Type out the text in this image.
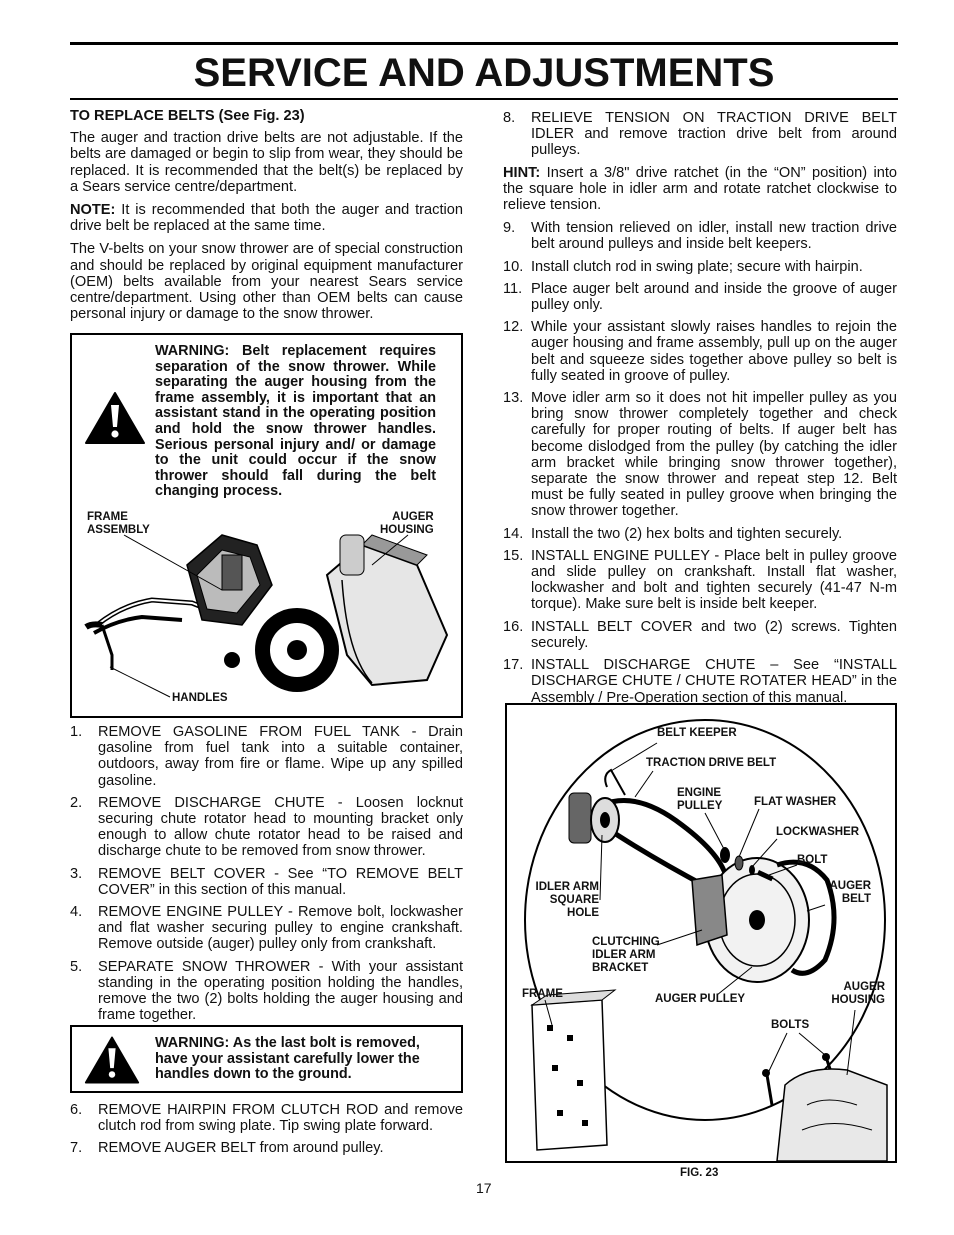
SERVICE AND ADJUSTMENTS

TO REPLACE BELTS (See Fig. 23)

The auger and traction drive belts are not adjustable. If the belts are damaged or begin to slip from wear, they should be replaced. It is recommended that the belt(s) be replaced by a Sears service centre/department.

NOTE: It is recommended that both the auger and traction drive belt be replaced at the same time.

The V-belts on your snow thrower are of special construction and should be replaced by original equipment manufacturer (OEM) belts available from your nearest Sears service centre/department. Using other than OEM belts can cause personal injury or damage to the snow thrower.

WARNING: Belt replacement requires separation of the snow thrower. While separating the auger housing from the frame assembly, it is important that an assistant stand in the operating position and hold the snow thrower handles. Serious personal injury and/ or damage to the unit could occur if the snow thrower should fall during the belt changing process.
FRAME
ASSEMBLY
AUGER
HOUSING
HANDLES
1. REMOVE GASOLINE FROM FUEL TANK - Drain gasoline from fuel tank into a suitable container, outdoors, away from fire or flame. Wipe up any spilled gasoline.
2. REMOVE DISCHARGE CHUTE - Loosen locknut securing chute rotator head to mounting bracket only enough to allow chute rotator head to be raised and discharge chute to be removed from snow thrower.
3. REMOVE BELT COVER - See “TO REMOVE BELT COVER” in this section of this manual.
4. REMOVE ENGINE PULLEY - Remove bolt, lockwasher and flat washer securing pulley to engine crankshaft. Remove outside (auger) pulley only from crankshaft.
5. SEPARATE SNOW THROWER - With your assistant standing in the operating position holding the handles, remove the two (2) bolts holding the auger housing and frame together.
WARNING: As the last bolt is removed, have your assistant carefully lower the handles down to the ground.
6. REMOVE HAIRPIN FROM CLUTCH ROD and remove clutch rod from swing plate. Tip swing plate forward.
7. REMOVE AUGER BELT from around pulley.
8. RELIEVE TENSION ON TRACTION DRIVE BELT IDLER and remove traction drive belt from around pulleys.

HINT: Insert a 3/8" drive ratchet (in the “ON” position) into the square hole in idler arm and rotate ratchet clockwise to relieve tension.

9. With tension relieved on idler, install new traction drive belt around pulleys and inside belt keepers.
10. Install clutch rod in swing plate; secure with hairpin.
11. Place auger belt around and inside the groove of auger pulley only.
12. While your assistant slowly raises handles to rejoin the auger housing and frame assembly, pull up on the auger belt and squeeze sides together above pulley so belt is fully seated in groove of pulley.
13. Move idler arm so it does not hit impeller pulley as you bring snow thrower completely together and check carefully for proper routing of belts. If auger belt has become dislodged from the pulley (by catching the idler arm bracket while bringing snow thrower together), separate the snow thrower and repeat step 12. Belt must be fully seated in pulley groove when bringing the snow thrower together.
14. Install the two (2) hex bolts and tighten securely.
15. INSTALL ENGINE PULLEY - Place belt in pulley groove and slide pulley on crankshaft. Install flat washer, lockwasher and bolt and tighten securely (41-47 N-m torque). Make sure belt is inside belt keeper.
16. INSTALL BELT COVER and two (2) screws. Tighten securely.
17. INSTALL DISCHARGE CHUTE – See “INSTALL DISCHARGE CHUTE / CHUTE ROTATER HEAD” in the Assembly / Pre-Operation section of this manual.
BELT KEEPER
TRACTION DRIVE BELT
ENGINE
PULLEY	FLAT WASHER
LOCKWASHER
BOLT
IDLER ARM
SQUARE
HOLE
AUGER
BELT
CLUTCHING
IDLER ARM
BRACKET
FRAME	AUGER PULLEY
AUGER
HOUSING
BOLTS
FIG. 23
17
